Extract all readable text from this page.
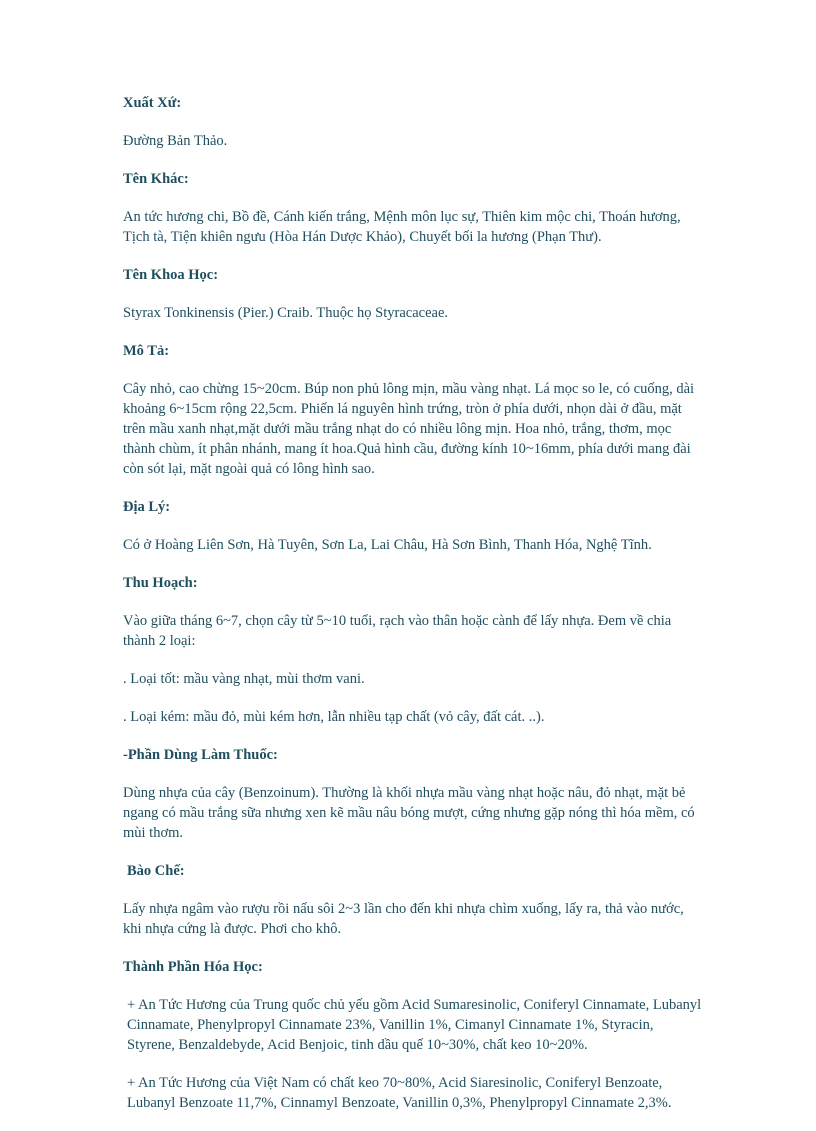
Xuất Xứ:
Đường Bản Thảo.
Tên Khác:
An tức hương chi, Bồ đề, Cánh kiến trắng, Mệnh môn lục sự, Thiên kim mộc chi, Thoán hương, Tịch tà, Tiện khiên ngưu (Hòa Hán Dược Khảo), Chuyết bối la hương (Phạn Thư).
Tên Khoa Học:
Styrax Tonkinensis (Pier.) Craib. Thuộc họ Styracaceae.
Mô Tả:
Cây nhỏ, cao chừng 15~20cm. Búp non phủ lông mịn, mầu vàng nhạt. Lá mọc so le, có cuống, dài khoảng 6~15cm rộng 22,5cm. Phiến lá nguyên hình trứng, tròn ở phía dưới, nhọn dài ở đầu, mặt trên mầu xanh nhạt,mặt dưới mầu trắng nhạt do có nhiều lông mịn. Hoa nhỏ, trắng, thơm, mọc thành chùm, ít phân nhánh, mang ít hoa.Quả hình cầu, đường kính 10~16mm, phía dưới mang đài còn sót lại, mặt ngoài quả có lông hình sao.
Địa Lý:
Có ở Hoàng Liên Sơn, Hà Tuyên, Sơn La, Lai Châu, Hà Sơn Bình, Thanh Hóa, Nghệ Tĩnh.
Thu Hoạch:
Vào giữa tháng 6~7, chọn cây từ 5~10 tuổi, rạch vào thân hoặc cành để lấy nhựa. Đem về chia thành 2 loại:
. Loại tốt: mầu vàng nhạt, mùi thơm vani.
. Loại kém: mầu đỏ, mùi kém hơn, lẫn nhiều tạp chất (vỏ cây, đất cát. ..).
-Phần Dùng Làm Thuốc:
Dùng nhựa của cây (Benzoinum). Thường là khối nhựa mầu vàng nhạt hoặc nâu, đỏ nhạt, mặt bẻ ngang có mầu trắng sữa nhưng xen kẽ mầu nâu bóng mượt, cứng nhưng gặp nóng thì hóa mềm, có mùi thơm.
Bào Chế:
Lấy nhựa ngâm vào rượu rồi nấu sôi 2~3 lần cho đến khi nhựa chìm xuống, lấy ra, thả vào nước, khi nhựa cứng là được. Phơi cho khô.
Thành Phần Hóa Học:
+ An Tức Hương của Trung quốc chủ yếu gồm Acid Sumaresinolic, Coniferyl Cinnamate, Lubanyl Cinnamate, Phenylpropyl Cinnamate 23%, Vanillin 1%, Cimanyl Cinnamate 1%, Styracin, Styrene, Benzaldebyde, Acid Benjoic, tinh dầu quế 10~30%, chất keo 10~20%.
+ An Tức Hương của Việt Nam có chất keo 70~80%, Acid Siaresinolic, Coniferyl Benzoate, Lubanyl Benzoate 11,7%, Cinnamyl Benzoate, Vanillin 0,3%, Phenylpropyl Cinnamate 2,3%.
